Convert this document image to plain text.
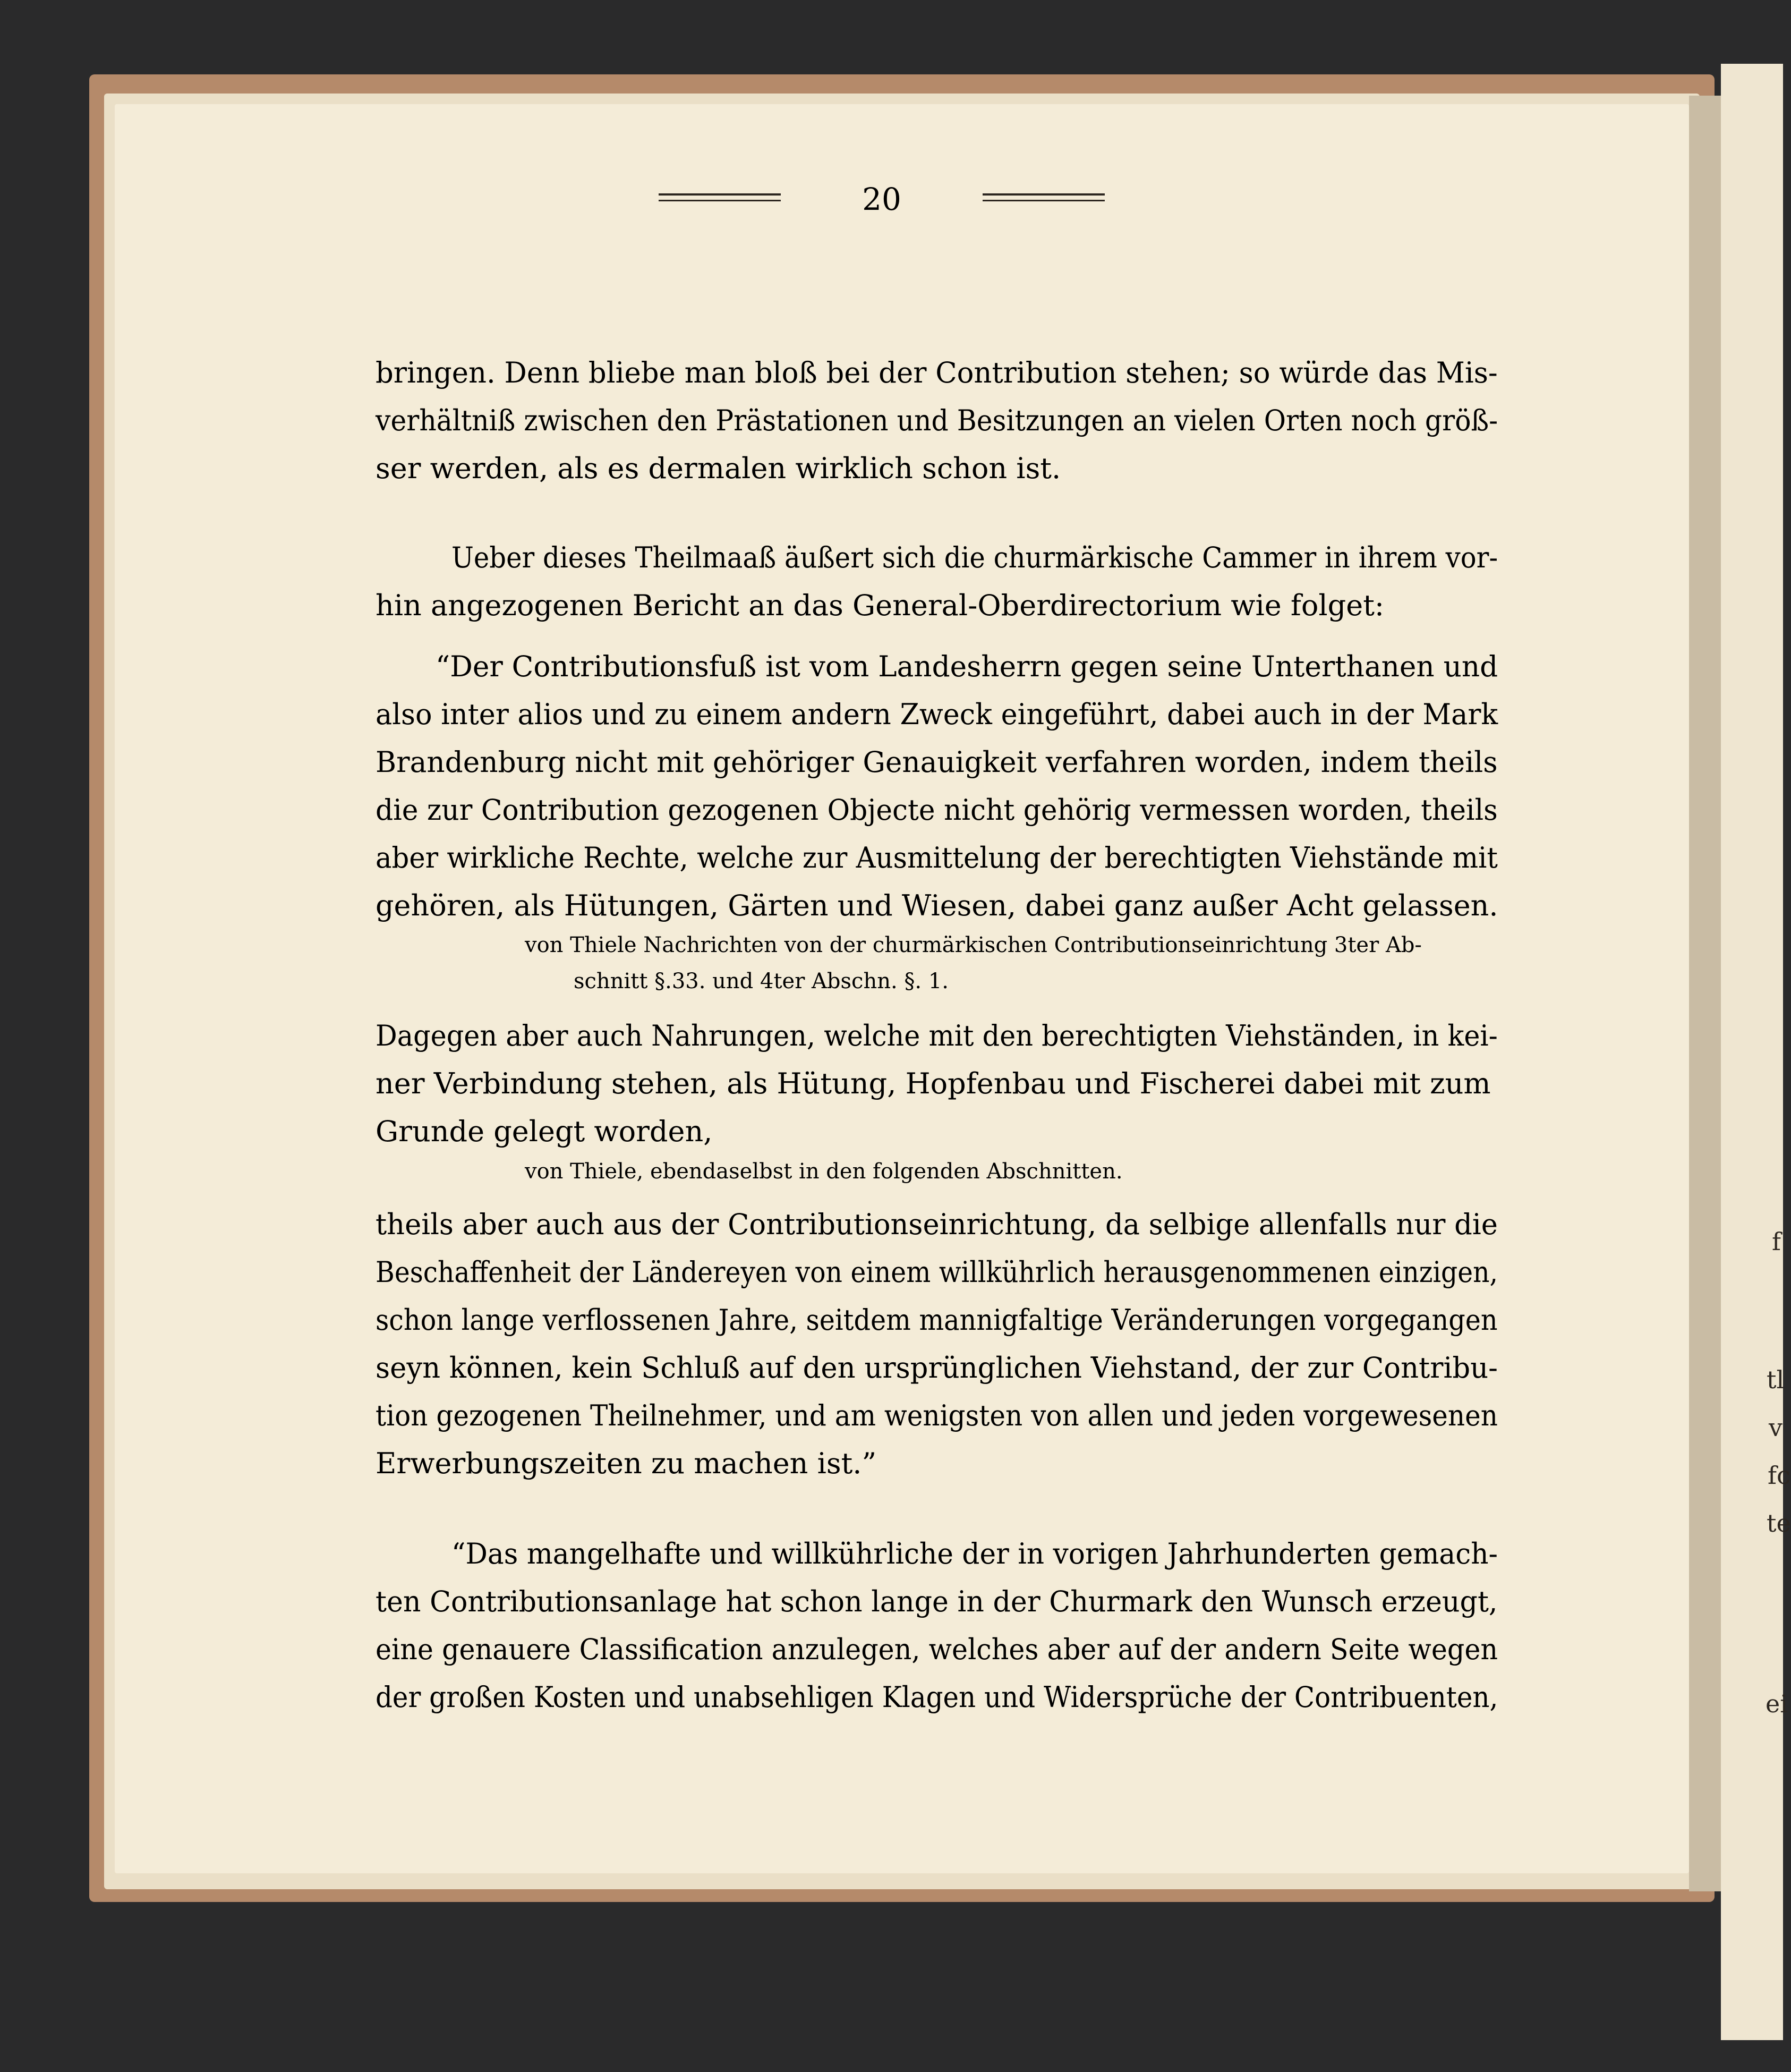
f
tl
v
fc
te
ei
20
bringen. Denn bliebe man bloß bei der Contribution stehen; so würde das Mis-
verhältniß zwischen den Prästationen und Besitzungen an vielen Orten noch größ-
ser werden, als es dermalen wirklich schon ist.
Ueber dieses Theilmaaß äußert sich die churmärkische Cammer in ihrem vor-
hin angezogenen Bericht an das General-Oberdirectorium wie folget:
“Der Contributionsfuß ist vom Landesherrn gegen seine Unterthanen und
also inter alios und zu einem andern Zweck eingeführt, dabei auch in der Mark
Brandenburg nicht mit gehöriger Genauigkeit verfahren worden, indem theils
die zur Contribution gezogenen Objecte nicht gehörig vermessen worden, theils
aber wirkliche Rechte, welche zur Ausmittelung der berechtigten Viehstände mit
gehören, als Hütungen, Gärten und Wiesen, dabei ganz außer Acht gelassen.
von Thiele Nachrichten von der churmärkischen Contributionseinrichtung 3ter Ab-
schnitt §.33. und 4ter Abschn. §. 1.
Dagegen aber auch Nahrungen, welche mit den berechtigten Viehständen, in kei-
ner Verbindung stehen, als Hütung, Hopfenbau und Fischerei dabei mit zum
Grunde gelegt worden,
von Thiele, ebendaselbst in den folgenden Abschnitten.
theils aber auch aus der Contributionseinrichtung, da selbige allenfalls nur die
Beschaffenheit der Ländereyen von einem willkührlich herausgenommenen einzigen,
schon lange verflossenen Jahre, seitdem mannigfaltige Veränderungen vorgegangen
seyn können, kein Schluß auf den ursprünglichen Viehstand, der zur Contribu-
tion gezogenen Theilnehmer, und am wenigsten von allen und jeden vorgewesenen
Erwerbungszeiten zu machen ist.”
“Das mangelhafte und willkührliche der in vorigen Jahrhunderten gemach-
ten Contributionsanlage hat schon lange in der Churmark den Wunsch erzeugt,
eine genauere Classification anzulegen, welches aber auf der andern Seite wegen
der großen Kosten und unabsehligen Klagen und Widersprüche der Contribuenten,
